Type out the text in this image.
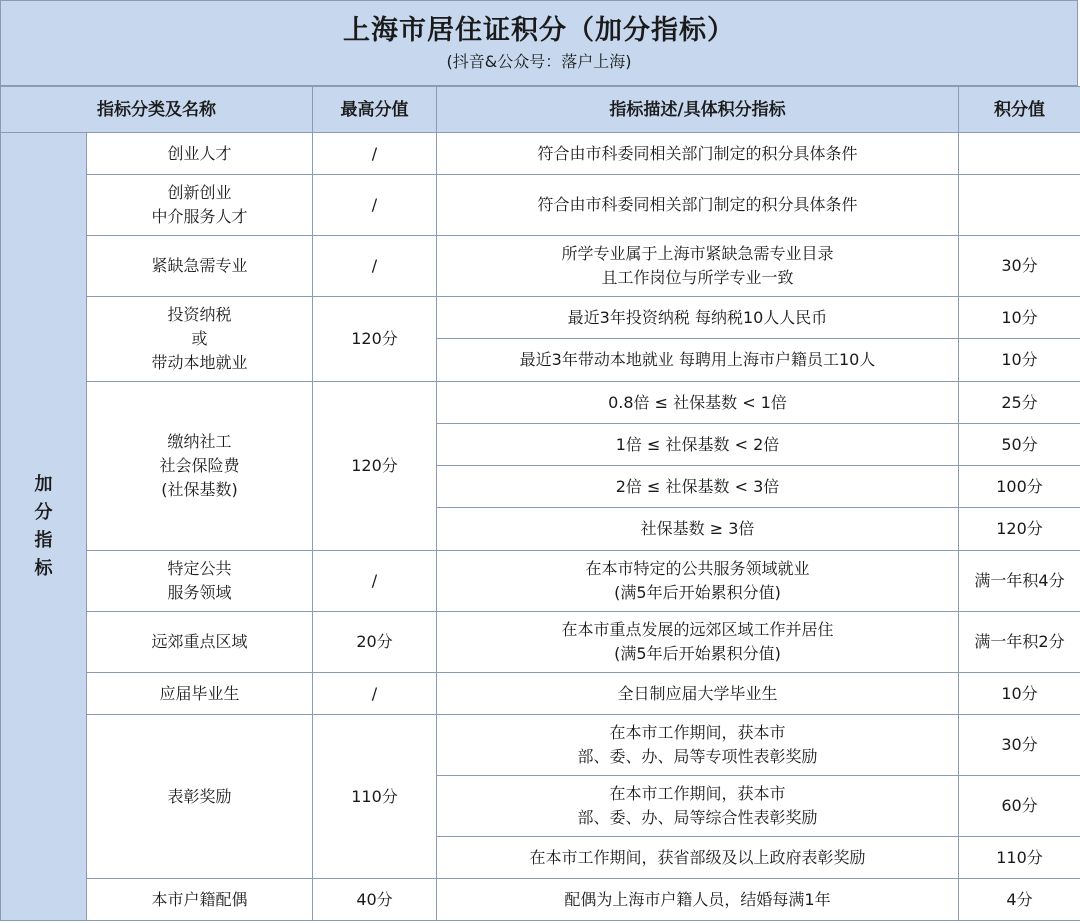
上海市居住证积分（加分指标）
(抖音&公众号：落户上海)
指标分类及名称		最高分值	指标描述/具体积分指标	积分值

加
分
指
标	创业人才	/	符合由市科委同相关部门制定的积分具体条件	

	创新创业
中介服务人才	/	符合由市科委同相关部门制定的积分具体条件	

	紧缺急需专业	/	所学专业属于上海市紧缺急需专业目录
且工作岗位与所学专业一致	30分

	投资纳税
或
带动本地就业	120分	最近3年投资纳税 每纳税10人人民币	10分

			最近3年带动本地就业 每聘用上海市户籍员工10人	10分

	缴纳社工
社会保险费
(社保基数)	120分	0.8倍 ≤ 社保基数 < 1倍	25分

			1倍 ≤ 社保基数 < 2倍	50分

			2倍 ≤ 社保基数 < 3倍	100分

			社保基数 ≥ 3倍	120分

	特定公共
服务领域	/	在本市特定的公共服务领域就业
(满5年后开始累积分值)	满一年积4分

	远郊重点区域	20分	在本市重点发展的远郊区域工作并居住
(满5年后开始累积分值)	满一年积2分

	应届毕业生	/	全日制应届大学毕业生	10分

	表彰奖励	110分	在本市工作期间，获本市
部、委、办、局等专项性表彰奖励	30分

			在本市工作期间，获本市
部、委、办、局等综合性表彰奖励	60分

			在本市工作期间，获省部级及以上政府表彰奖励	110分

	本市户籍配偶	40分	配偶为上海市户籍人员，结婚每满1年	4分
